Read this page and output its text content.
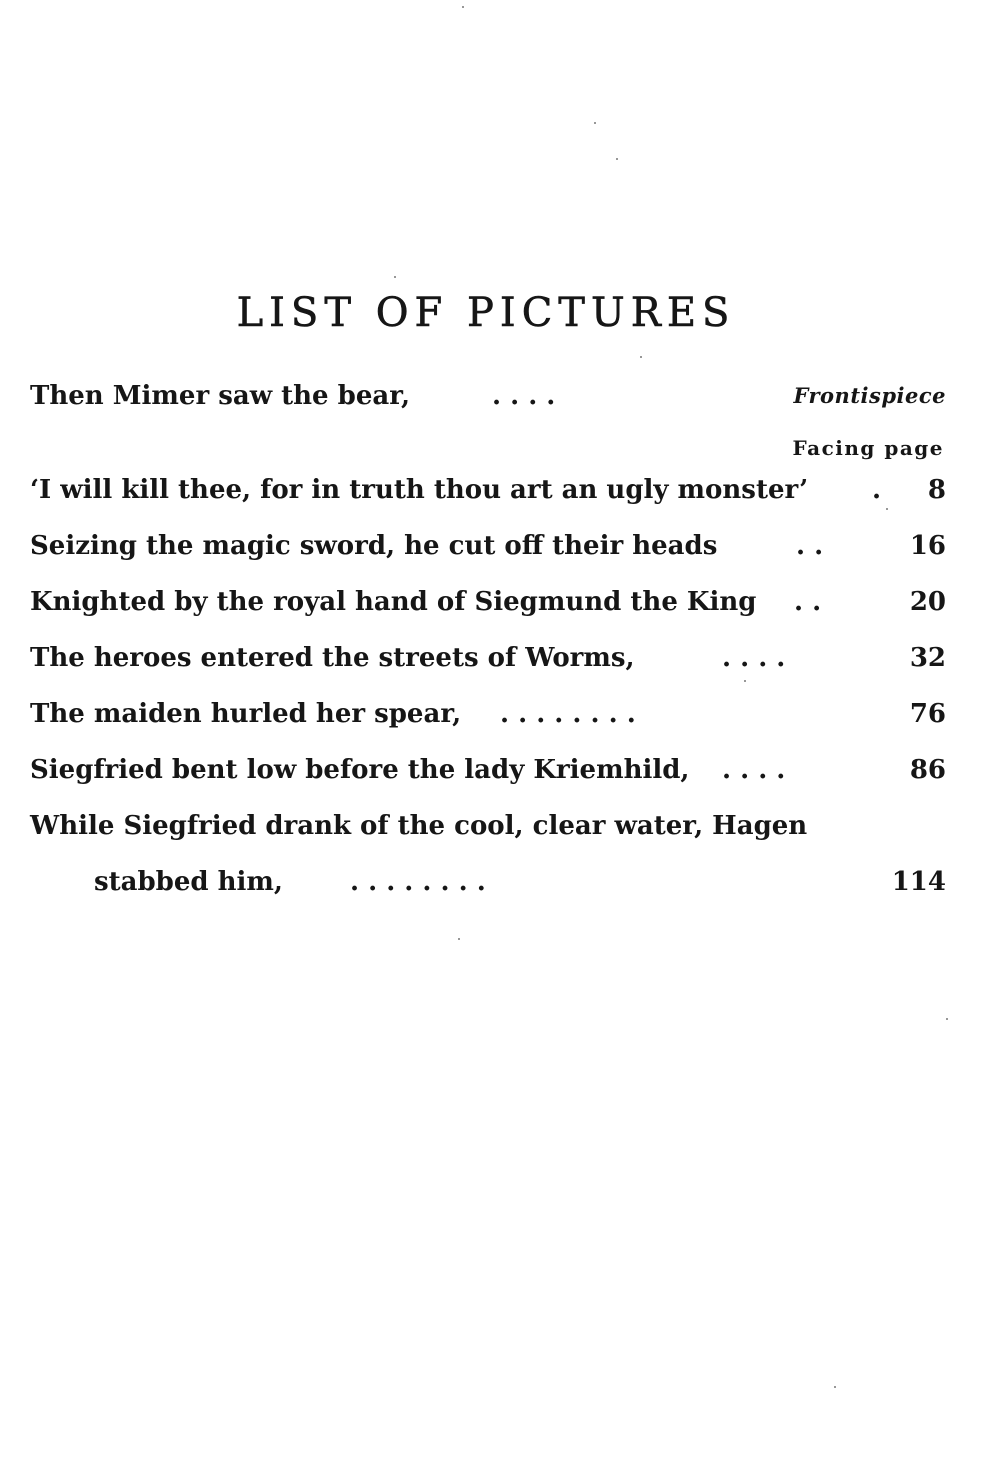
LIST OF PICTURES
Then Mimer saw the bear,	. . . .	Frontispiece
Facing page
‘I will kill thee, for in truth thou art an ugly monster’ . 8
Seizing the magic sword, he cut off their heads	. .	16
Knighted by the royal hand of Siegmund the King . .	20
The heroes entered the streets of Worms,	. . . .	32
The maiden hurled her spear, . . . . . . . .	76
Siegfried bent low before the lady Kriemhild, . . . .	86
While Siegfried drank of the cool, clear water, Hagen
stabbed him,	. . . . . . . .	114
